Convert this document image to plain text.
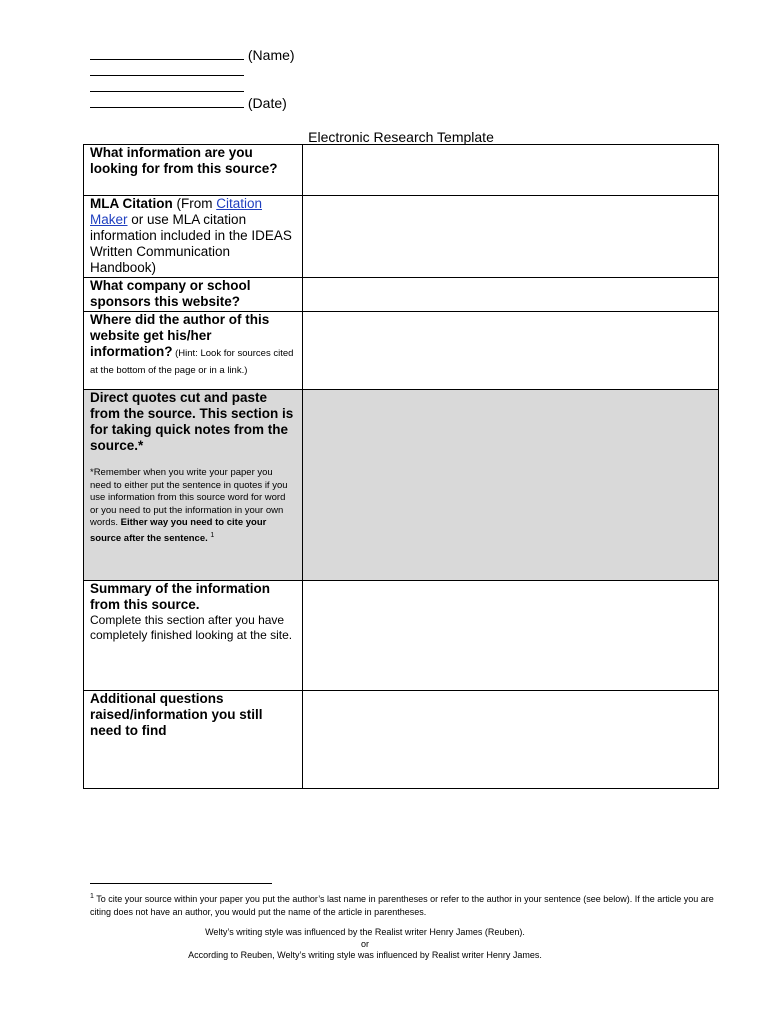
(Name)
(Date)
Electronic Research Template
What information are you looking for from this source?	
MLA Citation (From Citation Maker or use MLA citation information included in the IDEAS Written Communication Handbook)	
What company or school sponsors this website?	
Where did the author of this website get his/her information? (Hint: Look for sources cited at the bottom of the page or in a link.)	

Direct quotes cut and paste from the source. This section is for taking quick notes from the source.*
*Remember when you write your paper you need to either put the sentence in quotes if you use information from this source word for word or you need to put the information in your own words. Either way you need to cite your source after the sentence. $^1$

Summary of the information from this source.
Complete this section after you have completely finished looking at the site.	

Additional questions raised/information you still need to find	
$^1$ To cite your source within your paper you put the author’s last name in parentheses or refer to the author in your sentence (see below). If the article you are citing does not have an author, you would put the name of the article in parentheses.
Welty’s writing style was influenced by the Realist writer Henry James (Reuben).
or
According to Reuben, Welty’s writing style was influenced by Realist writer Henry James.
